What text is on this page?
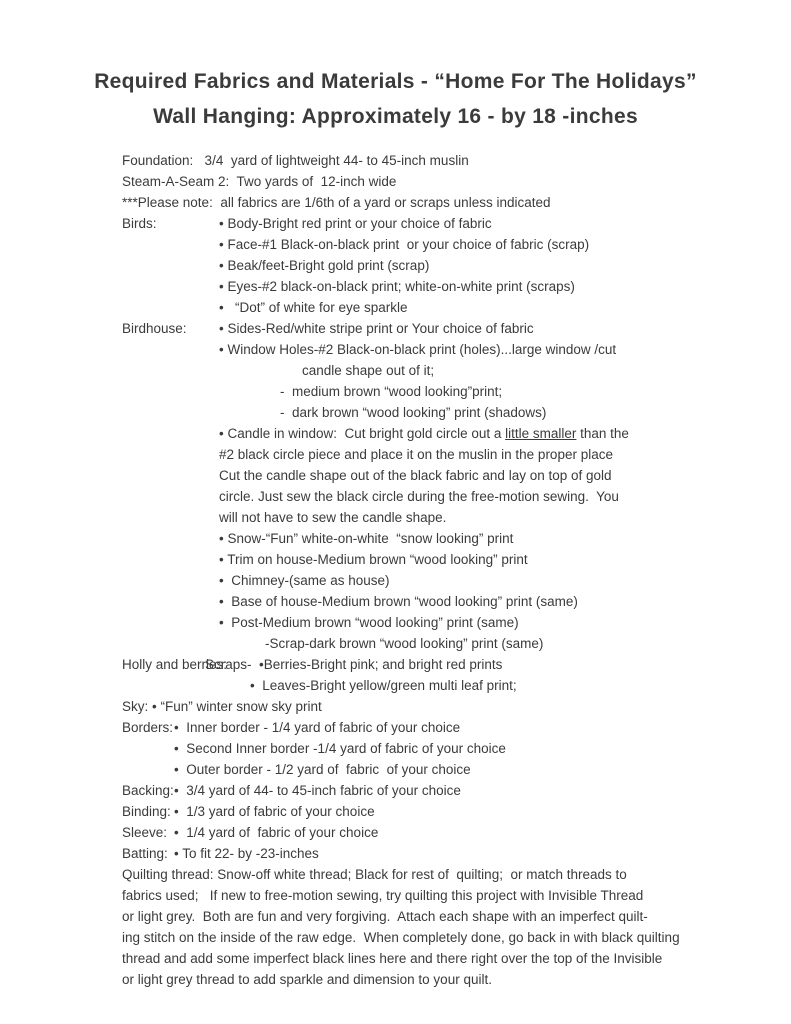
Required Fabrics and Materials - “Home For The Holidays”
Wall Hanging: Approximately 16 - by 18 -inches
Foundation:   3/4  yard of lightweight 44- to 45-inch muslin
Steam-A-Seam 2:  Two yards of  12-inch wide
***Please note:  all fabrics are 1/6th of a yard or scraps unless indicated
Birds:	• Body-Bright red print or your choice of fabric
• Face-#1 Black-on-black print  or your choice of fabric (scrap)
• Beak/feet-Bright gold print (scrap)
• Eyes-#2 black-on-black print; white-on-white print (scraps)
•   “Dot” of white for eye sparkle
Birdhouse: • Sides-Red/white stripe print or Your choice of fabric
• Window Holes-#2 Black-on-black print (holes)...large window /cut
candle shape out of it;
-  medium brown “wood looking”print;
-  dark brown “wood looking” print (shadows)
• Candle in window:  Cut bright gold circle out a little smaller than the
#2 black circle piece and place it on the muslin in the proper place
Cut the candle shape out of the black fabric and lay on top of gold
circle. Just sew the black circle during the free-motion sewing.  You
will not have to sew the candle shape.
• Snow-“Fun” white-on-white  “snow looking” print
• Trim on house-Medium brown “wood looking” print
•  Chimney-(same as house)
•  Base of house-Medium brown “wood looking” print (same)
•  Post-Medium brown “wood looking” print (same)
-Scrap-dark brown “wood looking” print (same)
Holly and berries:
Scraps-  •Berries-Bright pink; and bright red prints
•  Leaves-Bright yellow/green multi leaf print;
Sky: • “Fun” winter snow sky print
Borders: •  Inner border - 1/4 yard of fabric of your choice
•  Second Inner border -1/4 yard of fabric of your choice
•  Outer border - 1/2 yard of  fabric  of your choice
Backing: •  3/4 yard of 44- to 45-inch fabric of your choice
Binding: •  1/3 yard of fabric of your choice
Sleeve: •  1/4 yard of  fabric of your choice
Batting: • To fit 22- by -23-inches
Quilting thread: Snow-off white thread; Black for rest of  quilting;  or match threads to
fabrics used;   If new to free-motion sewing, try quilting this project with Invisible Thread
or light grey.  Both are fun and very forgiving.  Attach each shape with an imperfect quilt-
ing stitch on the inside of the raw edge.  When completely done, go back in with black quilting
thread and add some imperfect black lines here and there right over the top of the Invisible
or light grey thread to add sparkle and dimension to your quilt.
